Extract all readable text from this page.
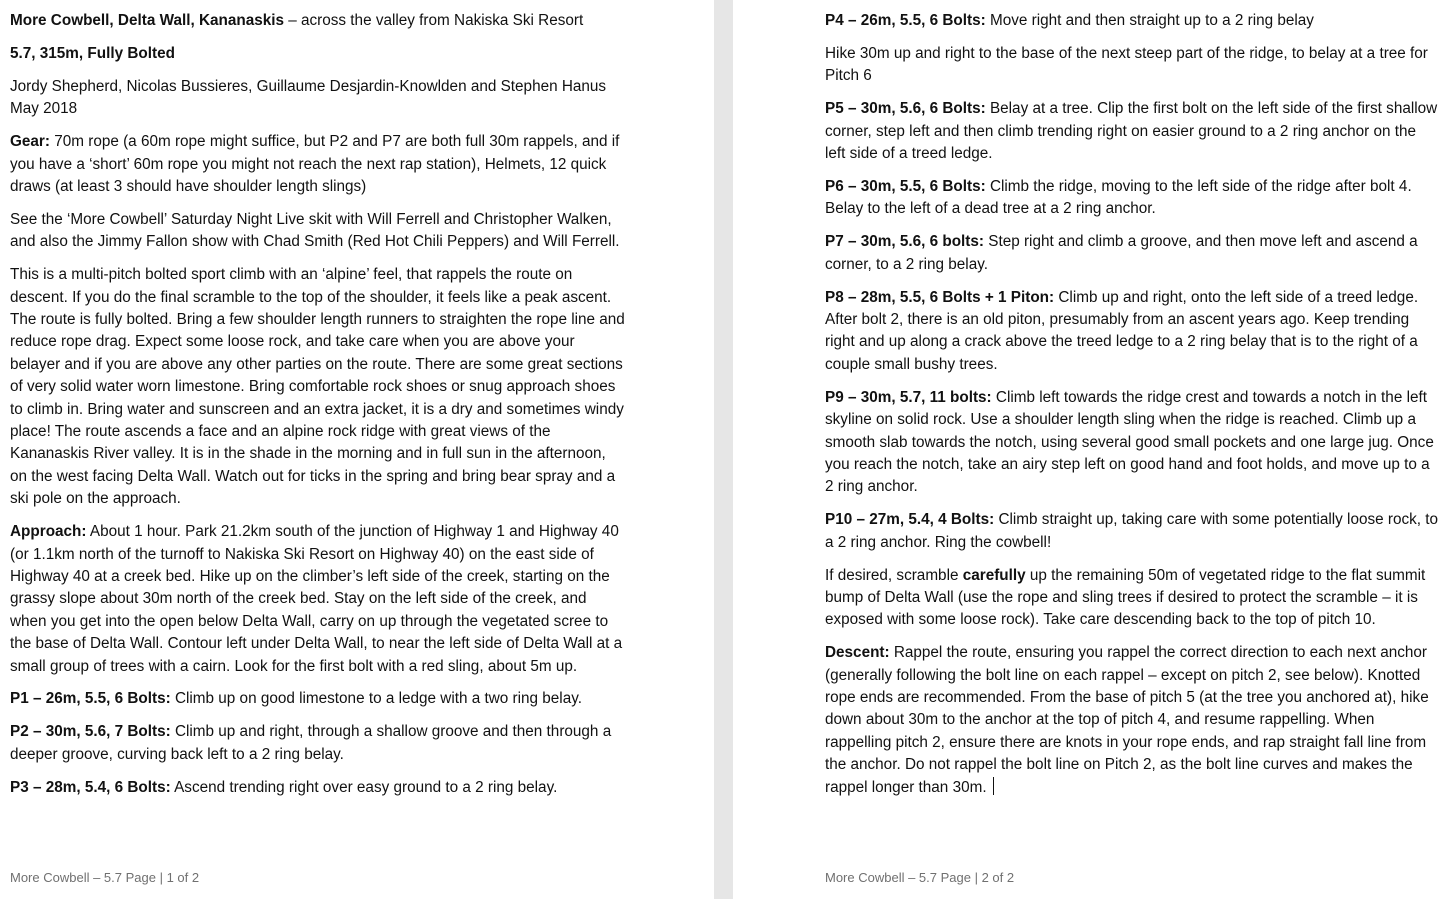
More Cowbell, Delta Wall, Kananaskis – across the valley from Nakiska Ski Resort

5.7, 315m, Fully Bolted

Jordy Shepherd, Nicolas Bussieres, Guillaume Desjardin-Knowlden and Stephen Hanus
May 2018

Gear: 70m rope (a 60m rope might suffice, but P2 and P7 are both full 30m rappels, and if you have a ‘short’ 60m rope you might not reach the next rap station), Helmets, 12 quick draws (at least 3 should have shoulder length slings)

See the ‘More Cowbell’ Saturday Night Live skit with Will Ferrell and Christopher Walken, and also the Jimmy Fallon show with Chad Smith (Red Hot Chili Peppers) and Will Ferrell.

This is a multi-pitch bolted sport climb with an ‘alpine’ feel, that rappels the route on descent. If you do the final scramble to the top of the shoulder, it feels like a peak ascent. The route is fully bolted. Bring a few shoulder length runners to straighten the rope line and reduce rope drag. Expect some loose rock, and take care when you are above your belayer and if you are above any other parties on the route. There are some great sections of very solid water worn limestone. Bring comfortable rock shoes or snug approach shoes to climb in. Bring water and sunscreen and an extra jacket, it is a dry and sometimes windy place! The route ascends a face and an alpine rock ridge with great views of the Kananaskis River valley. It is in the shade in the morning and in full sun in the afternoon, on the west facing Delta Wall. Watch out for ticks in the spring and bring bear spray and a ski pole on the approach.

Approach: About 1 hour. Park 21.2km south of the junction of Highway 1 and Highway 40 (or 1.1km north of the turnoff to Nakiska Ski Resort on Highway 40) on the east side of Highway 40 at a creek bed. Hike up on the climber’s left side of the creek, starting on the grassy slope about 30m north of the creek bed. Stay on the left side of the creek, and when you get into the open below Delta Wall, carry on up through the vegetated scree to the base of Delta Wall. Contour left under Delta Wall, to near the left side of Delta Wall at a small group of trees with a cairn. Look for the first bolt with a red sling, about 5m up.

P1 – 26m, 5.5, 6 Bolts: Climb up on good limestone to a ledge with a two ring belay.

P2 – 30m, 5.6, 7 Bolts: Climb up and right, through a shallow groove and then through a deeper groove, curving back left to a 2 ring belay.

P3 – 28m, 5.4, 6 Bolts: Ascend trending right over easy ground to a 2 ring belay.

More Cowbell – 5.7 Page | 1 of 2

P4 – 26m, 5.5, 6 Bolts: Move right and then straight up to a 2 ring belay

Hike 30m up and right to the base of the next steep part of the ridge, to belay at a tree for Pitch 6

P5 – 30m, 5.6, 6 Bolts: Belay at a tree. Clip the first bolt on the left side of the first shallow corner, step left and then climb trending right on easier ground to a 2 ring anchor on the left side of a treed ledge.

P6 – 30m, 5.5, 6 Bolts: Climb the ridge, moving to the left side of the ridge after bolt 4. Belay to the left of a dead tree at a 2 ring anchor.

P7 – 30m, 5.6, 6 bolts: Step right and climb a groove, and then move left and ascend a corner, to a 2 ring belay.

P8 – 28m, 5.5, 6 Bolts + 1 Piton: Climb up and right, onto the left side of a treed ledge. After bolt 2, there is an old piton, presumably from an ascent years ago. Keep trending right and up along a crack above the treed ledge to a 2 ring belay that is to the right of a couple small bushy trees.

P9 – 30m, 5.7, 11 bolts: Climb left towards the ridge crest and towards a notch in the left skyline on solid rock. Use a shoulder length sling when the ridge is reached. Climb up a smooth slab towards the notch, using several good small pockets and one large jug. Once you reach the notch, take an airy step left on good hand and foot holds, and move up to a 2 ring anchor.

P10 – 27m, 5.4, 4 Bolts: Climb straight up, taking care with some potentially loose rock, to a 2 ring anchor. Ring the cowbell!

If desired, scramble carefully up the remaining 50m of vegetated ridge to the flat summit bump of Delta Wall (use the rope and sling trees if desired to protect the scramble – it is exposed with some loose rock). Take care descending back to the top of pitch 10.

Descent: Rappel the route, ensuring you rappel the correct direction to each next anchor (generally following the bolt line on each rappel – except on pitch 2, see below). Knotted rope ends are recommended. From the base of pitch 5 (at the tree you anchored at), hike down about 30m to the anchor at the top of pitch 4, and resume rappelling. When rappelling pitch 2, ensure there are knots in your rope ends, and rap straight fall line from the anchor. Do not rappel the bolt line on Pitch 2, as the bolt line curves and makes the rappel longer than 30m.

More Cowbell – 5.7 Page | 2 of 2
